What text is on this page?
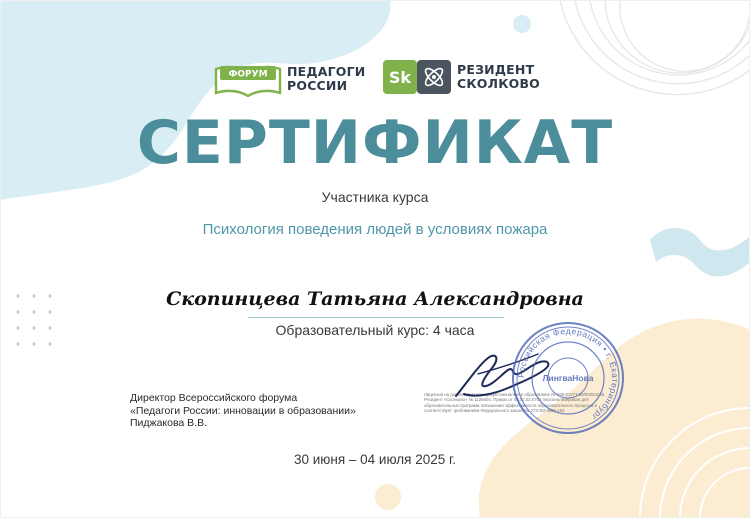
ФОРУМ ПЕДАГОГИ
РОССИИ	Sk	РЕЗИДЕНТ
СКОЛКОВО
СЕРТИФИКАТ
Участника курса
Психология поведения людей в условиях пожара
Скопинцева Татьяна Александровна
Образовательный курс: 4 часа
Директор Всероссийского форума
«Педагоги России: инновации в образовании»
Пиджакова В.В.
Лицензия на дополнительное профессиональное образование № 035-01277-66/00054248. Резидент «Сколково» № 1126604. Приказ от 05.02.02.0702 персонализирован для образовательных программ повышения эффективности образовательного процесса и соответствует требованиям Федерального закона № 273-ФЗ №86-183
Российская Федерация • г. Екатеринбург
ЛингваНова
30 июня – 04 июля 2025 г.
